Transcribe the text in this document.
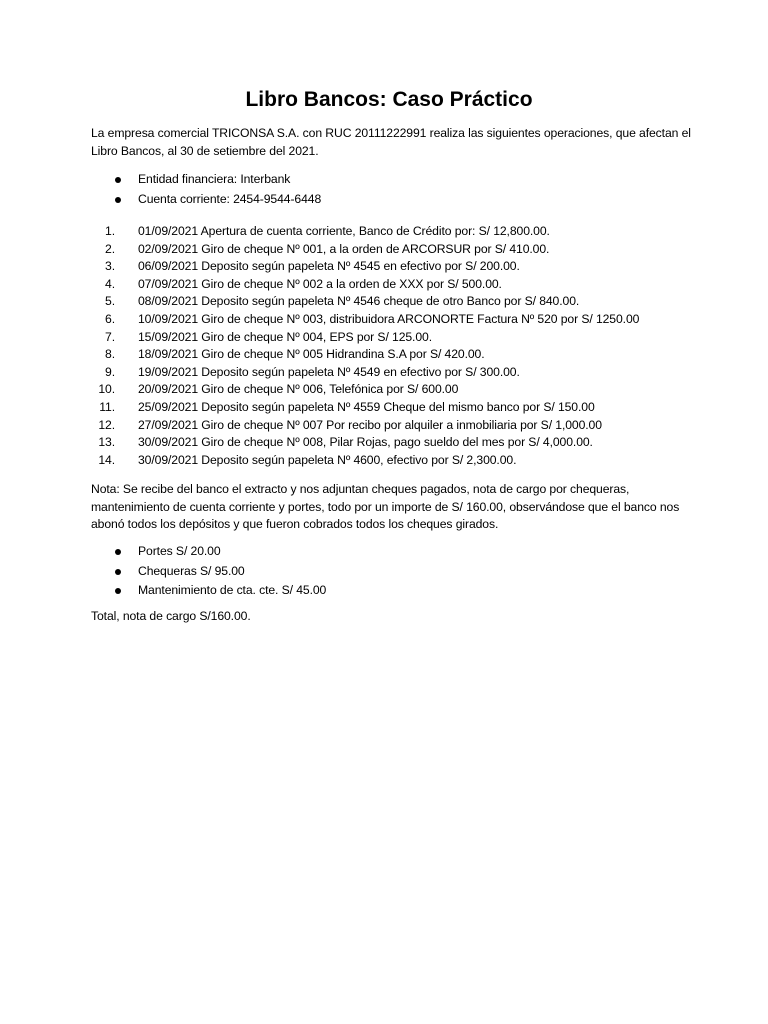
Libro Bancos: Caso Práctico

La empresa comercial TRICONSA S.A. con RUC 20111222991 realiza las siguientes operaciones, que afectan el Libro Bancos, al 30 de setiembre del 2021.

Entidad financiera: Interbank
Cuenta corriente: 2454-9544-6448
1. 01/09/2021 Apertura de cuenta corriente, Banco de Crédito por: S/ 12,800.00.
2. 02/09/2021 Giro de cheque Nº 001, a la orden de ARCORSUR por S/ 410.00.
3. 06/09/2021 Deposito según papeleta Nº 4545 en efectivo por S/ 200.00.
4. 07/09/2021 Giro de cheque Nº 002 a la orden de XXX por S/ 500.00.
5. 08/09/2021 Deposito según papeleta Nº 4546 cheque de otro Banco por S/ 840.00.
6. 10/09/2021 Giro de cheque Nº 003, distribuidora ARCONORTE Factura Nº 520 por S/ 1250.00
7. 15/09/2021 Giro de cheque Nº 004, EPS por S/ 125.00.
8. 18/09/2021 Giro de cheque Nº 005 Hidrandina S.A por S/ 420.00.
9. 19/09/2021 Deposito según papeleta Nº 4549 en efectivo por S/ 300.00.
10. 20/09/2021 Giro de cheque Nº 006, Telefónica por S/ 600.00
11. 25/09/2021 Deposito según papeleta Nº 4559 Cheque del mismo banco por S/ 150.00
12. 27/09/2021 Giro de cheque Nº 007 Por recibo por alquiler a inmobiliaria por S/ 1,000.00
13. 30/09/2021 Giro de cheque Nº 008, Pilar Rojas, pago sueldo del mes por S/ 4,000.00.
14. 30/09/2021 Deposito según papeleta Nº 4600, efectivo por S/ 2,300.00.

Nota: Se recibe del banco el extracto y nos adjuntan cheques pagados, nota de cargo por chequeras, mantenimiento de cuenta corriente y portes, todo por un importe de S/ 160.00, observándose que el banco nos abonó todos los depósitos y que fueron cobrados todos los cheques girados.

Portes S/ 20.00
Chequeras S/ 95.00
Mantenimiento de cta. cte. S/ 45.00

Total, nota de cargo S/160.00.
